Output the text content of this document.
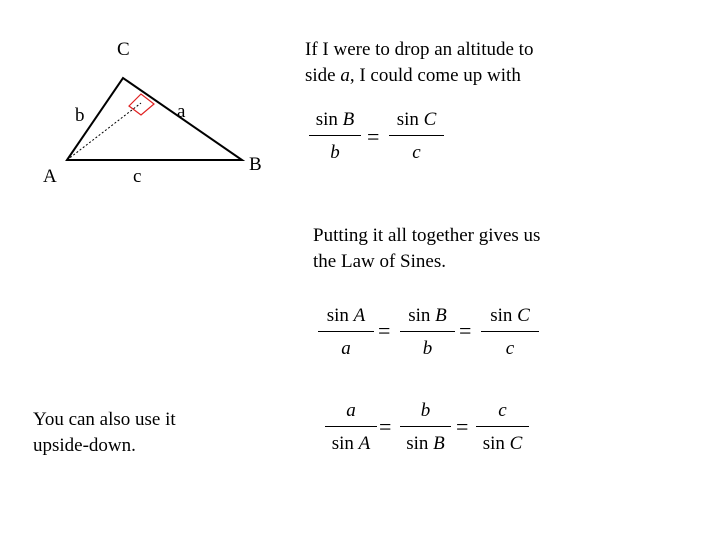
C
b	a
A	c
B
If I were to drop an altitude to
side a, I could come up with
sin B
b
=
sin C
c
Putting it all together gives us
the Law of Sines.
sin A
a
=
sin B
b
=
sin C
c
You can also use it
upside-down.
a
sin A
=
b
sin B
=
c
sin C
